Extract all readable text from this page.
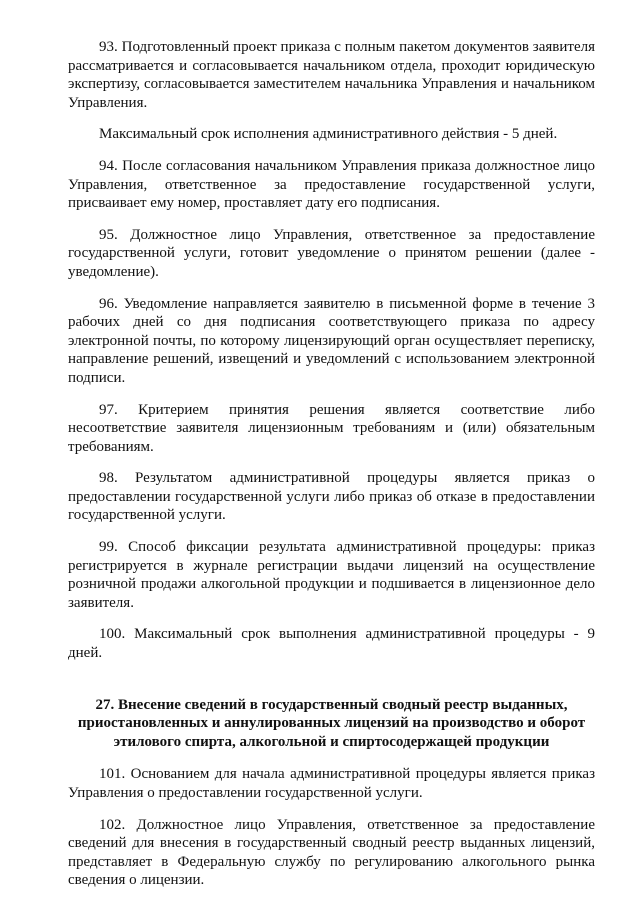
93. Подготовленный проект приказа с полным пакетом документов заявителя рассматривается и согласовывается начальником отдела, проходит юридическую экспертизу, согласовывается заместителем начальника Управления и начальником Управления.

Максимальный срок исполнения административного действия - 5 дней.

94. После согласования начальником Управления приказа должностное лицо Управления, ответственное за предоставление государственной услуги, присваивает ему номер, проставляет дату его подписания.

95. Должностное лицо Управления, ответственное за предоставление государственной услуги, готовит уведомление о принятом решении (далее - уведомление).

96. Уведомление направляется заявителю в письменной форме в течение 3 рабочих дней со дня подписания соответствующего приказа по адресу электронной почты, по которому лицензирующий орган осуществляет переписку, направление решений, извещений и уведомлений с использованием электронной подписи.

97. Критерием принятия решения является соответствие либо несоответствие заявителя лицензионным требованиям и (или) обязательным требованиям.

98. Результатом административной процедуры является приказ о предоставлении государственной услуги либо приказ об отказе в предоставлении государственной услуги.

99. Способ фиксации результата административной процедуры: приказ регистрируется в журнале регистрации выдачи лицензий на осуществление розничной продажи алкогольной продукции и подшивается в лицензионное дело заявителя.

100. Максимальный срок выполнения административной процедуры - 9 дней.

27. Внесение сведений в государственный сводный реестр выданных, приостановленных и аннулированных лицензий на производство и оборот этилового спирта, алкогольной и спиртосодержащей продукции

101. Основанием для начала административной процедуры является приказ Управления о предоставлении государственной услуги.

102. Должностное лицо Управления, ответственное за предоставление сведений для внесения в государственный сводный реестр выданных лицензий, представляет в Федеральную службу по регулированию алкогольного рынка сведения о лицензии.
